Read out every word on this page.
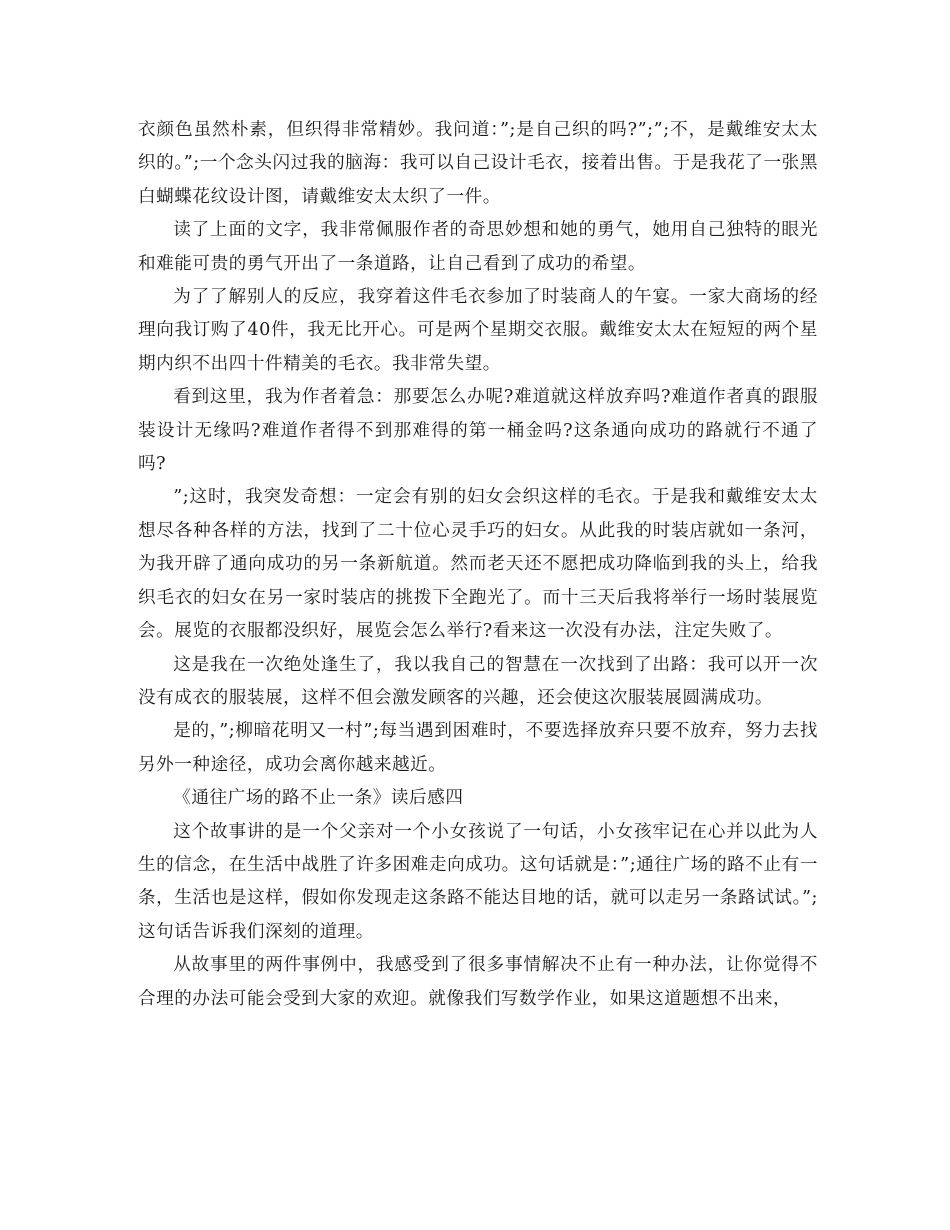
衣颜色虽然朴素，但织得非常精妙。我问道：”;是自己织的吗?”;”;不，是戴维安太太织的。”;一个念头闪过我的脑海：我可以自己设计毛衣，接着出售。于是我花了一张黑白蝴蝶花纹设计图，请戴维安太太织了一件。

读了上面的文字，我非常佩服作者的奇思妙想和她的勇气，她用自己独特的眼光和难能可贵的勇气开出了一条道路，让自己看到了成功的希望。

为了了解别人的反应，我穿着这件毛衣参加了时装商人的午宴。一家大商场的经理向我订购了40件，我无比开心。可是两个星期交衣服。戴维安太太在短短的两个星期内织不出四十件精美的毛衣。我非常失望。

看到这里，我为作者着急：那要怎么办呢?难道就这样放弃吗?难道作者真的跟服装设计无缘吗?难道作者得不到那难得的第一桶金吗?这条通向成功的路就行不通了吗?

”;这时，我突发奇想：一定会有别的妇女会织这样的毛衣。于是我和戴维安太太想尽各种各样的方法，找到了二十位心灵手巧的妇女。从此我的时装店就如一条河，为我开辟了通向成功的另一条新航道。然而老天还不愿把成功降临到我的头上，给我织毛衣的妇女在另一家时装店的挑拨下全跑光了。而十三天后我将举行一场时装展览会。展览的衣服都没织好，展览会怎么举行?看来这一次没有办法，注定失败了。

这是我在一次绝处逢生了，我以我自己的智慧在一次找到了出路：我可以开一次没有成衣的服装展，这样不但会激发顾客的兴趣，还会使这次服装展圆满成功。

是的，”;柳暗花明又一村”;每当遇到困难时，不要选择放弃只要不放弃，努力去找另外一种途径，成功会离你越来越近。

《通往广场的路不止一条》读后感四

这个故事讲的是一个父亲对一个小女孩说了一句话，小女孩牢记在心并以此为人生的信念，在生活中战胜了许多困难走向成功。这句话就是：”;通往广场的路不止有一条，生活也是这样，假如你发现走这条路不能达目地的话，就可以走另一条路试试。”;这句话告诉我们深刻的道理。

从故事里的两件事例中，我感受到了很多事情解决不止有一种办法，让你觉得不合理的办法可能会受到大家的欢迎。就像我们写数学作业，如果这道题想不出来，
